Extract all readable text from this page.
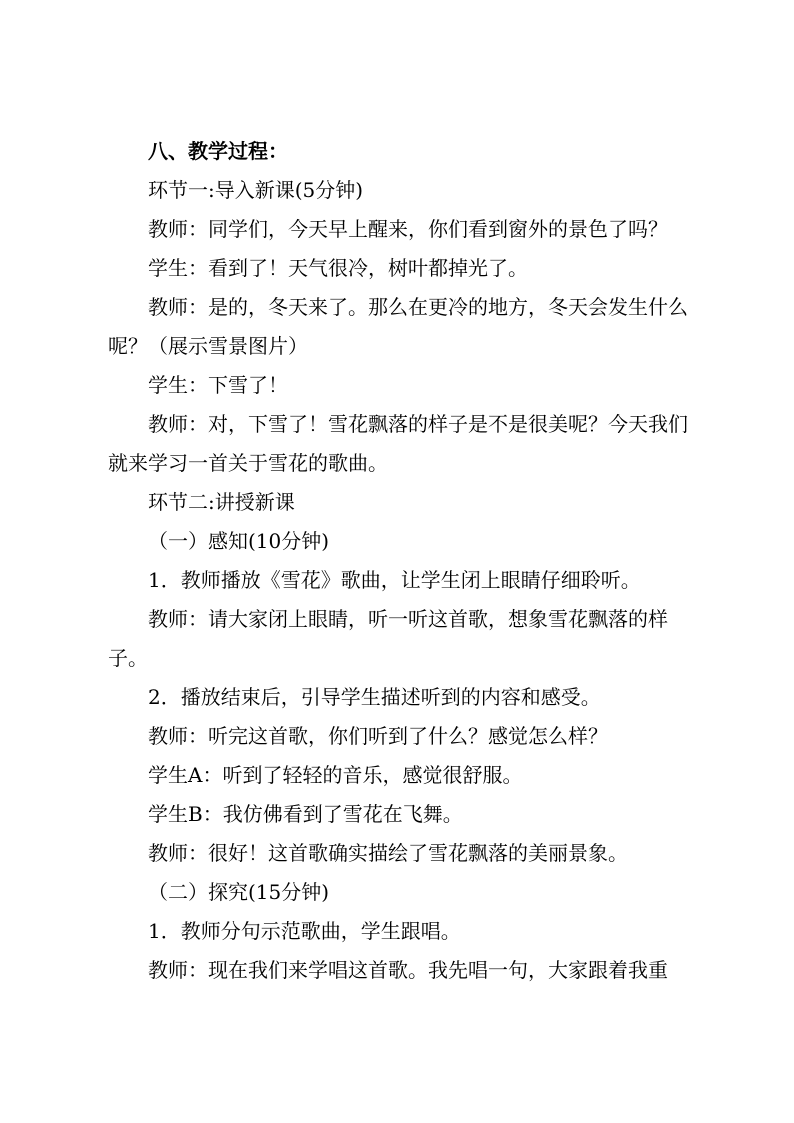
八、教学过程：

环节一:导入新课(5分钟)

教师：同学们，今天早上醒来，你们看到窗外的景色了吗？

学生：看到了！天气很冷，树叶都掉光了。

教师：是的，冬天来了。那么在更冷的地方，冬天会发生什么呢？（展示雪景图片）

学生：下雪了！

教师：对，下雪了！雪花飘落的样子是不是很美呢？今天我们就来学习一首关于雪花的歌曲。

环节二:讲授新课

（一）感知(10分钟)

1．教师播放《雪花》歌曲，让学生闭上眼睛仔细聆听。

教师：请大家闭上眼睛，听一听这首歌，想象雪花飘落的样子。

2．播放结束后，引导学生描述听到的内容和感受。

教师：听完这首歌，你们听到了什么？感觉怎么样？

学生A：听到了轻轻的音乐，感觉很舒服。

学生B：我仿佛看到了雪花在飞舞。

教师：很好！这首歌确实描绘了雪花飘落的美丽景象。

（二）探究(15分钟)

1．教师分句示范歌曲，学生跟唱。

教师：现在我们来学唱这首歌。我先唱一句，大家跟着我重
